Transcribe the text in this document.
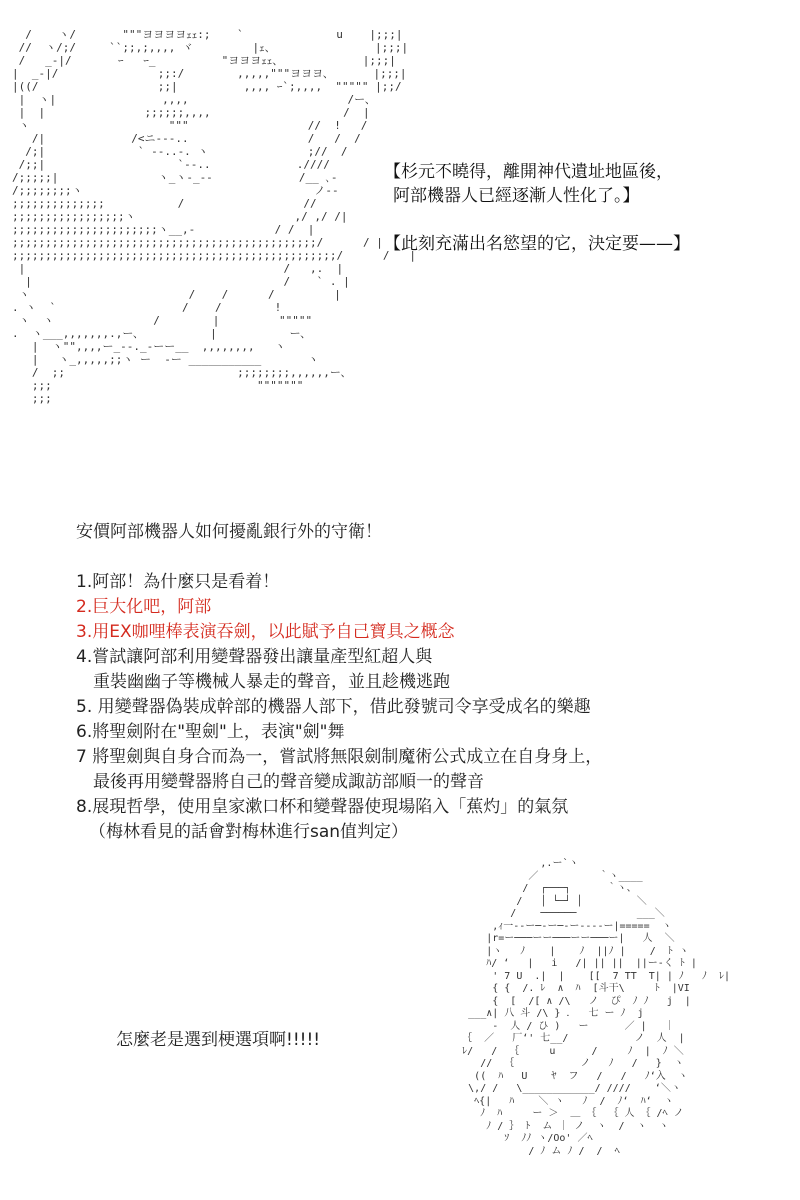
/    ヽ/       """ヨヨヨヨｪｪ:;    `              u    |;;;|
//  ヽ/;/     ``;;,;,,,, ヾ         |ｪ、               |;;;|
/   _-|/       ｰ   ｰ_          "ヨヨヨｪｪ、            |;;;|
|  _-|/               ;;:/        ,,,,,"""ヨヨヨ、      |;;;|
|((/                  ;;|          ,,,, ｰ`;,,,,  """"" |;;/
|  ヽ|                ,,,,                        /ー、
|  |               ;;;;;;,,,,                    /  |
ヽ                     """                  //  !   /
/|             /<ニ‐-‐..                  /   /  /
/;|              ` ‐-..-. ヽ               ;//  /
/;;|                    `‐-..             .////
/;;;;;|               ヽ_ヽ‐_‐-             /__ ､‐
/;;;;;;;;ヽ                                   ノ-‐
;;;;;;;;;;;;;;           /                  //
;;;;;;;;;;;;;;;;;ヽ                        ,/ ,/ /|
;;;;;;;;;;;;;;;;;;;;;;ヽ__,-            / /  |
;;;;;;;;;;;;;;;;;;;;;;;;;;;;;;;;;;;;;;;;;;;;;;/      / |
;;;;;;;;;;;;;;;;;;;;;;;;;;;;;;;;;;;;;;;;;;;;;;;;;/      /   |
|                                       /   ,.  |
|                                      /    ` . |
ヽ                        /    /      /         |
. ヽ  `                   /    /        !
ヽ  ヽ               /        |         """""
.  ヽ___,,,,,,,.,ー、          |           ー、
|  ヽ"",,,,ー_‐-._-ーー__  ,,,,,,,,   ヽ
|   ヽ_,,,,,;;ヽ ー  ‐ー ___________       ヽ
/  ;;                          ;;;;;;;;,,,,,,ー、
;;;                               """""""
;;;
【杉元不曉得，離開神代遺址地區後，
阿部機器人已經逐漸人性化了。】
【此刻充滿出名慾望的它，決定要——】
安價阿部機器人如何擾亂銀行外的守衛！
1.阿部！為什麼只是看着！
2.巨大化吧，阿部
3.用EX咖哩棒表演吞劍，以此賦予自己寶具之概念
4.嘗試讓阿部利用變聲器發出讓量產型紅超人與
重裝幽幽子等機械人暴走的聲音，並且趁機逃跑
5. 用變聲器偽裝成幹部的機器人部下，借此發號司令享受成名的樂趣
6.將聖劍附在"聖劍"上，表演"劍"舞
7 將聖劍與自身合而為一，嘗試將無限劍制魔術公式成立在自身身上，
最後再用變聲器將自己的聲音變成諏訪部順一的聲音
8.展現哲學，使用皇家漱口杯和變聲器使現場陷入「蕉灼」的氣氛
（梅林看見的話會對梅林進行san值判定）
怎麼老是選到梗選項啊!!!!!
,.ー`ヽ
／          ｀ヽ____
/  ┌───┐      ｀ヽ、
/   │ └─┘ │         ＼
/    ──────          ___＼
,ｨ一‐‐ー─‐ー─‐ー‐‐‐‐ー|=====  ヽ
|r=ー───ーー───ーー───ー|   人  ＼
|ヽ   ﾉ    |    ﾉ  ||ﾉ |    /  ﾄ ヽ
ﾊ/ ‘   |   i   /| || ||  ||ー‐く ﾄ |
' 7 U  .|  |    [[  7 TT  T| | ﾉ   ﾉ  ﾚ|
{ {  /. ﾚ  ∧  ﾊ  [斗干\     ﾄ  |VI
{  [  /[ ∧ /\   ノ  ぴ  ﾉ ﾉ   j  |
___∧| 八 斗 /\ } ．  七 ー ﾉ  j
-  人 / ひ )   ー      ／ |   ｜
｛  ／   厂‘' 七__/           ノ  人  |
ﾚ/   /  ｛     u      /     ﾉ  |  ﾉ ＼
//  ｛           ノ   ﾉ   /   }  ヽ
((  ﾊ   U    ﾔ  フ   /   /   ﾉ‘入  ヽ
\,/ /   \____________/ ////    ‘＼ヽ
ﾍ{|   ﾊ    ＼ ヽ   ﾉ  /  ﾉ‘  ﾊ‘  ヽ
ﾉ  ﾊ     ー ＞  ＿ ｛  ｛ 人 ｛ /ﾍ ノ
ﾉ / ｝ ﾄ  ム ｜ ノ  ヽ  /  ヽ  ヽ
ｿ  ﾉﾉ ヽ/Oo' ／ﾍ
/ ﾉ ム ﾉ /  /  ﾍ
